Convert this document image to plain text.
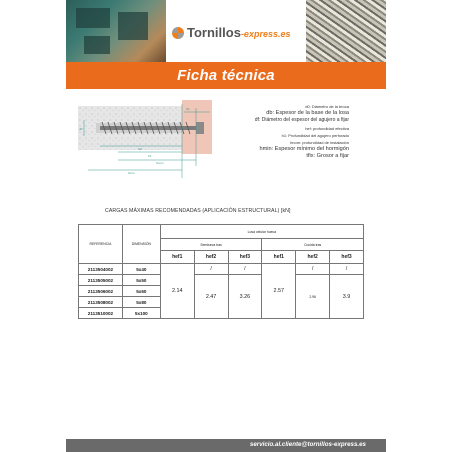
Tornillos-express.es
Ficha técnica
hef
h1
hnom
hmin
tfix
d0
d0: Diámetro de la broca
db: Espesor de la base de la losa
df: Diámetro del espesor del agujero a fijar
hef: profundidad efectiva
h1: Profundidad del agujero perforado
hnom: profundidad de instalación
hmin: Espesor mínimo del hormigón
tfix: Grosor a fijar
CARGAS MÁXIMAS RECOMENDADAS (APLICACIÓN ESTRUCTURAL) [kN]
REFERENCIA	DIMENSIÓN	Losa celular hueca					
		Semiseca tras			Cocida tras		
		hef1	hef2	hef3	hef1	hef2	hef3
2113504002	5x40	2.14	/	/	2.57	/	/
2113505002	5x50		2.47	3.26		2.96	3.9
2113506002	5x60						
2113508002	5x80						
2113510002	5x100						
servicio.al.cliente@tornillos-express.es
